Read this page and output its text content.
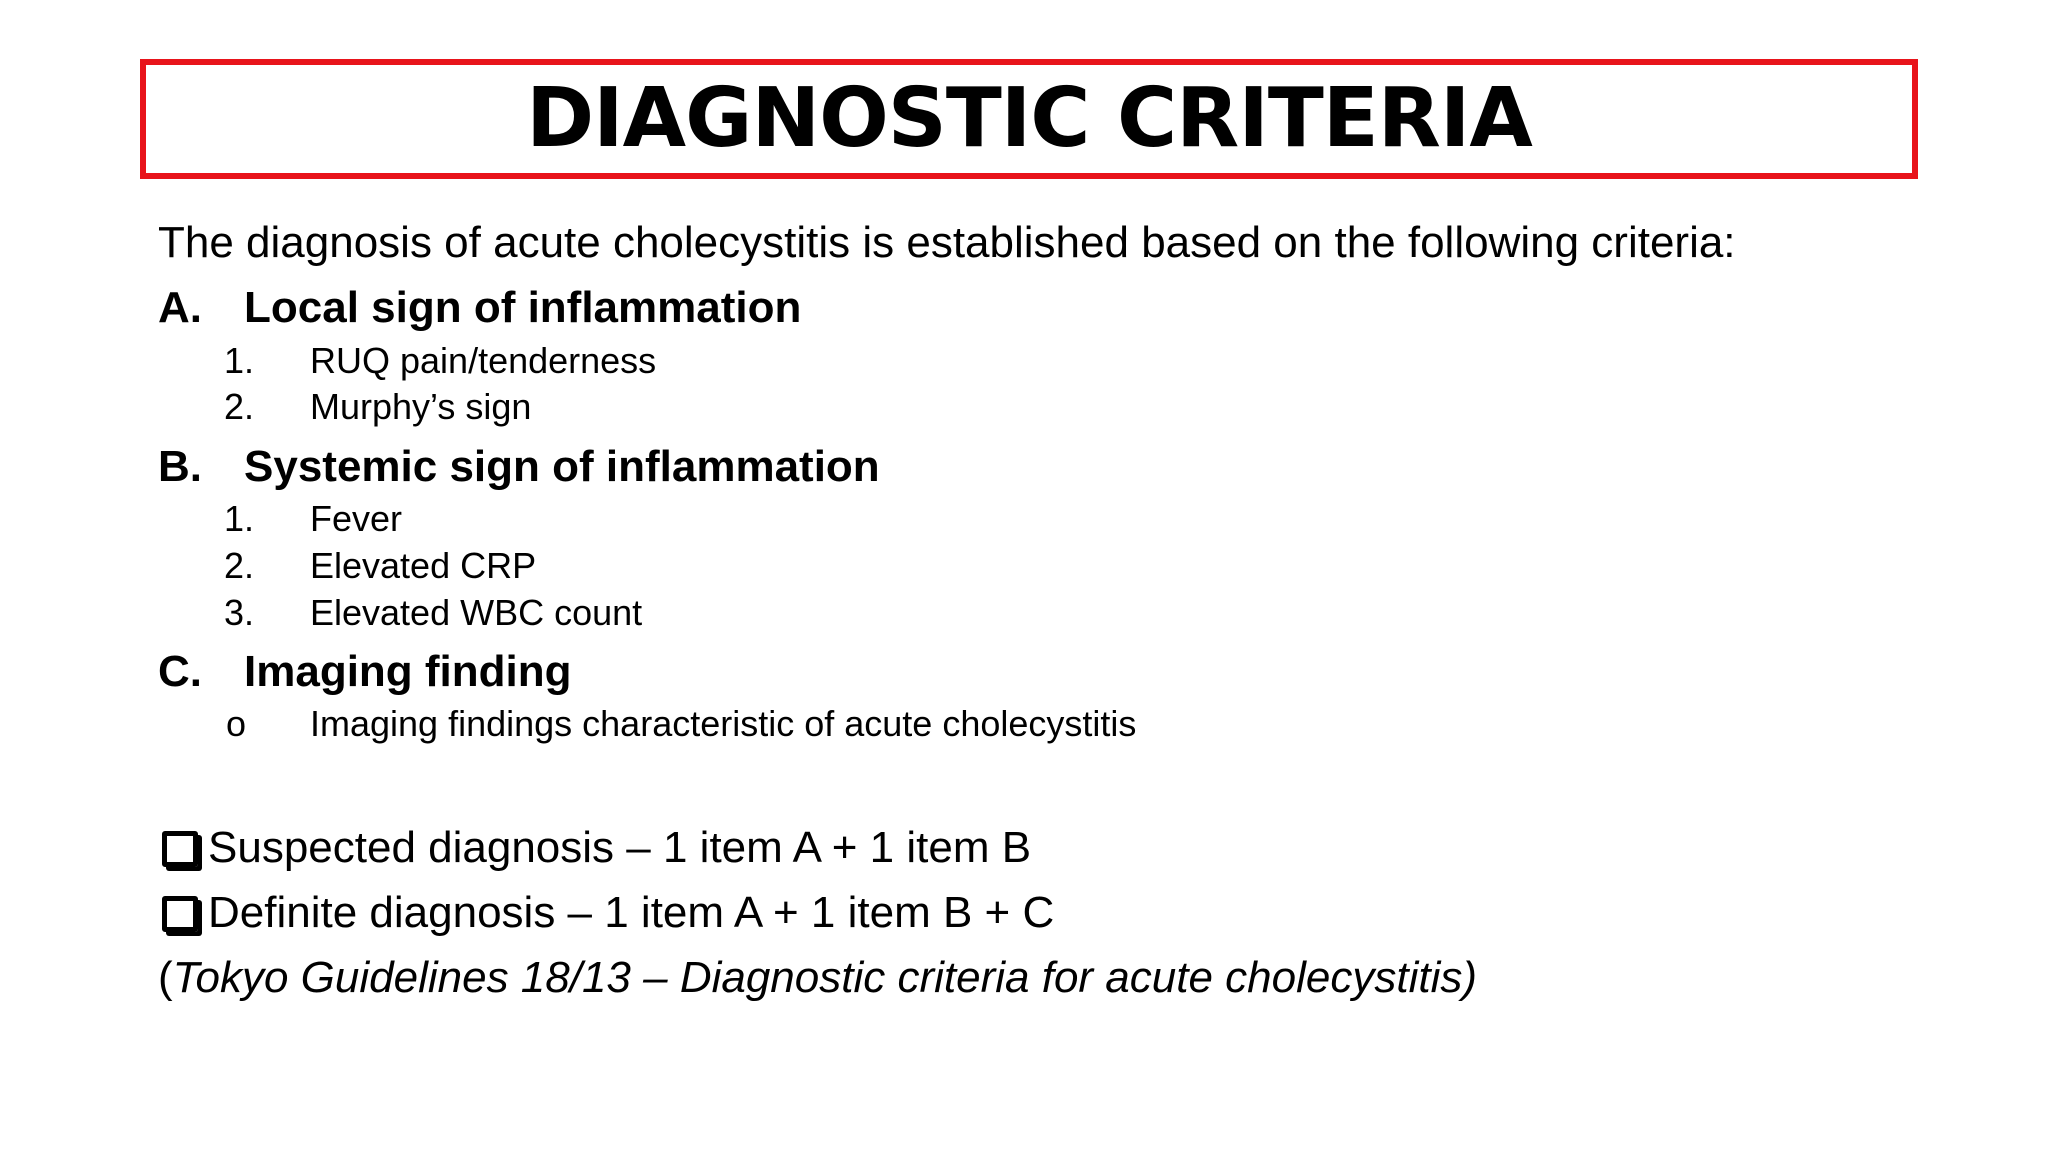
DIAGNOSTIC CRITERIA
The diagnosis of acute cholecystitis is established based on the following criteria:
A. Local sign of inflammation
1. RUQ pain/tenderness
2. Murphy’s sign
B. Systemic sign of inflammation
1. Fever
2. Elevated CRP
3. Elevated WBC count
C. Imaging finding
o Imaging findings characteristic of acute cholecystitis
Suspected diagnosis – 1 item A + 1 item B
Definite diagnosis – 1 item A + 1 item B + C
(Tokyo Guidelines 18/13 – Diagnostic criteria for acute cholecystitis)
